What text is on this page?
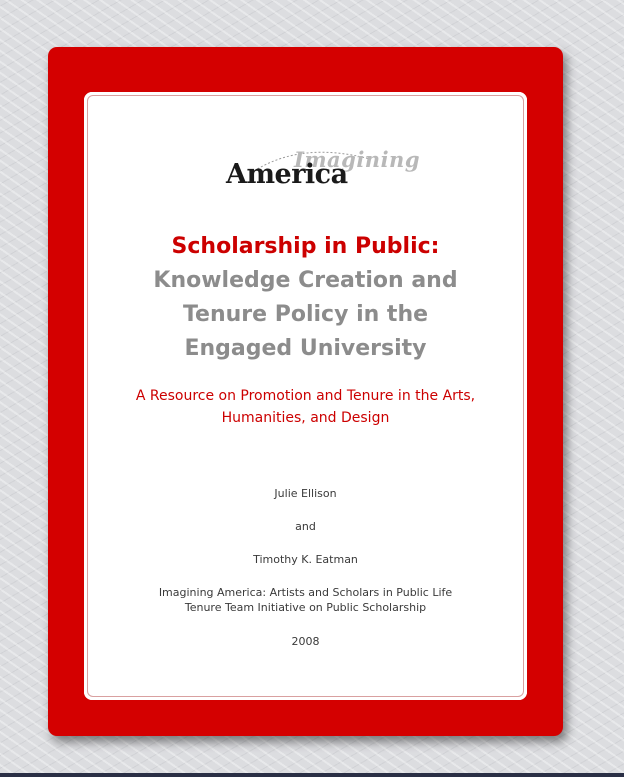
Imagining
America
Scholarship in Public:
Knowledge Creation and
Tenure Policy in the
Engaged University
A Resource on Promotion and Tenure in the Arts,
Humanities, and Design
Julie Ellison
and
Timothy K. Eatman
Imagining America: Artists and Scholars in Public Life
Tenure Team Initiative on Public Scholarship
2008
